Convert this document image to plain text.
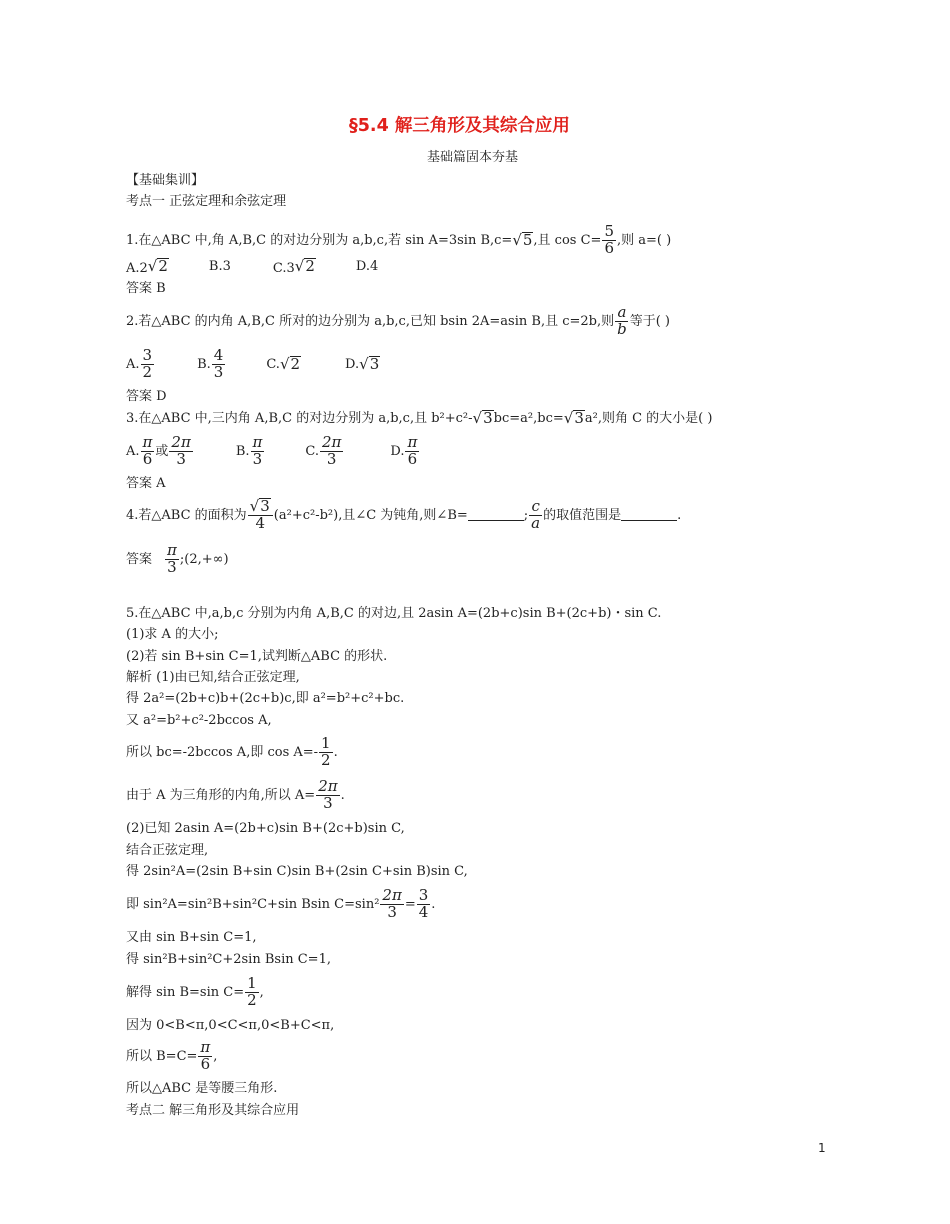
§5.4 解三角形及其综合应用
基础篇固本夯基
【基础集训】
考点一 正弦定理和余弦定理
1.在△ABC 中,角 A,B,C 的对边分别为 a,b,c,若 sin A=3sin B,c= √ 5 ,且 $\cos C= \frac{5}{6}$ ,则 a=( )
A.2 √ 2	B.3	C.3 √ 2	D.4
答案 B
2.若△ABC 的内角 A,B,C 所对的边分别为 a,b,c,已知 bsin 2A=asin B,且 c=2b,则 $\frac{a}{b}$ 等于( )
A. $\frac{3}{2}$	B. $\frac{4}{3}$	C. √ 2	D. √ 3
答案 D
3.在△ABC 中,三内角 A,B,C 的对边分别为 a,b,c,且 b²+c²- √ 3 bc=a²,bc= √ 3 a²,则角 C 的大小是( )
A. $\frac{\pi}{6}$ 或 $\frac{2\pi}{3}$	B. $\frac{\pi}{3}$	C. $\frac{2\pi}{3}$	D. $\frac{\pi}{6}$
答案 A
4.若△ABC 的面积为 $\frac{√ 3}{4} (a^2+c^2-b^2)$,且∠C 为钝角,则∠B=	; $\frac{c}{a}$ 的取值范围是	.
答案 $\frac{\pi}{3}$ ;(2,+∞)
5.在△ABC 中,a,b,c 分别为内角 A,B,C 的对边,且 2asin A=(2b+c)sin B+(2c+b)・sin C.
(1)求 A 的大小;
(2)若 sin B+sin C=1,试判断△ABC 的形状.
解析 (1)由已知,结合正弦定理,
得 2a²=(2b+c)b+(2c+b)c,即 a²=b²+c²+bc.
又 a²=b²+c²-2bccos A,
所以 bc=-2bccos A,即 $\cos A=- \frac{1}{2}$ .
由于 A 为三角形的内角,所以 $A= \frac{2\pi}{3}$ .
(2)已知 2asin A=(2b+c)sin B+(2c+b)sin C,
结合正弦定理,
得 2sin²A=(2sin B+sin C)sin B+(2sin C+sin B)sin C,
即 sin²A=sin²B+sin²C+sin Bsin $C=\sin^2 \frac{2\pi}{3} = \frac{3}{4}$ .
又由 sin B+sin C=1,
得 sin²B+sin²C+2sin Bsin C=1,
解得 sin B=sin $C= \frac{1}{2}$ ,
因为 0<B<π,0<C<π,0<B+C<π,
所以 $B=C= \frac{\pi}{6}$ ,
所以△ABC 是等腰三角形.
考点二 解三角形及其综合应用
1
